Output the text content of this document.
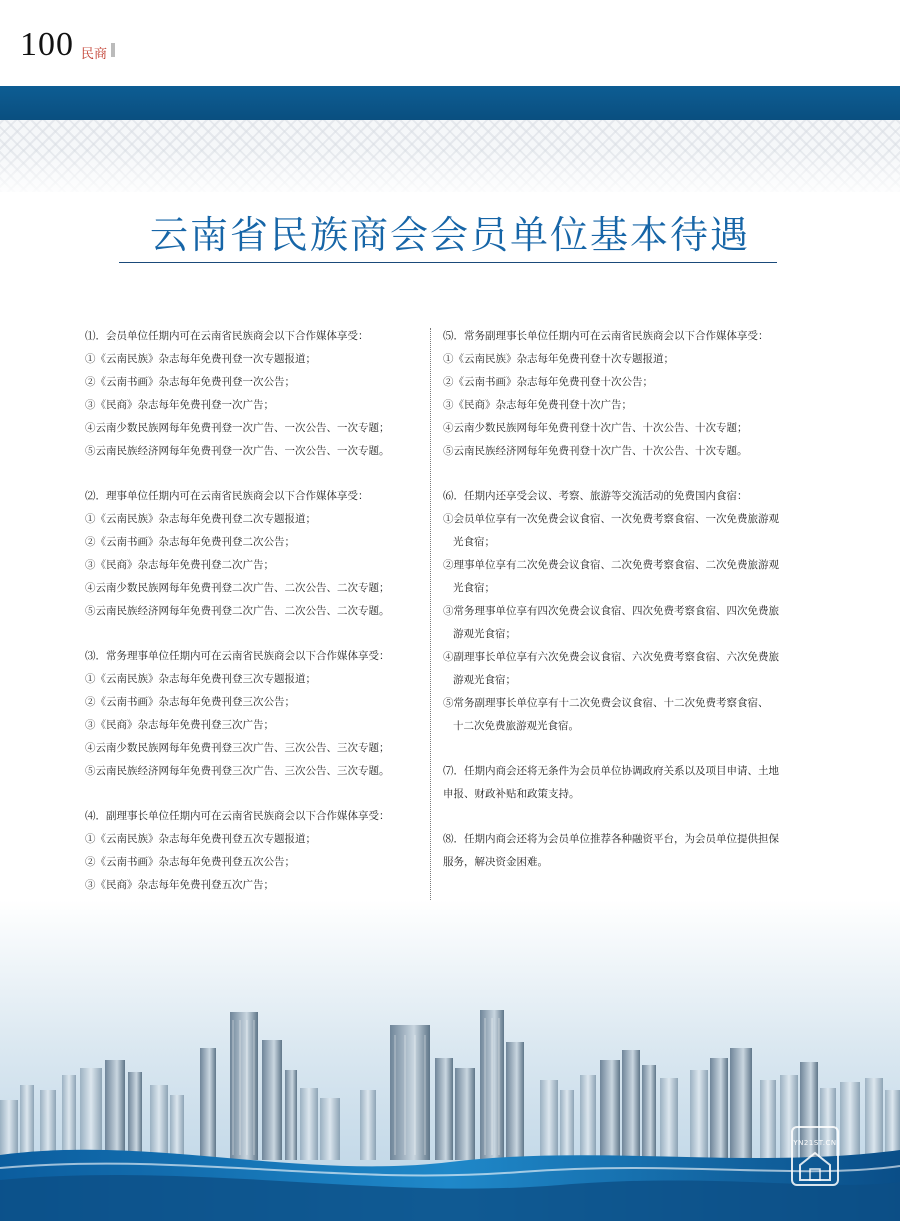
100 民商
云南省民族商会会员单位基本待遇
⑴．会员单位任期内可在云南省民族商会以下合作媒体享受：
①《云南民族》杂志每年免费刊登一次专题报道；
②《云南书画》杂志每年免费刊登一次公告；
③《民商》杂志每年免费刊登一次广告；
④云南少数民族网每年免费刊登一次广告、一次公告、一次专题；
⑤云南民族经济网每年免费刊登一次广告、一次公告、一次专题。
⑵．理事单位任期内可在云南省民族商会以下合作媒体享受：
①《云南民族》杂志每年免费刊登二次专题报道；
②《云南书画》杂志每年免费刊登二次公告；
③《民商》杂志每年免费刊登二次广告；
④云南少数民族网每年免费刊登二次广告、二次公告、二次专题；
⑤云南民族经济网每年免费刊登二次广告、二次公告、二次专题。
⑶．常务理事单位任期内可在云南省民族商会以下合作媒体享受：
①《云南民族》杂志每年免费刊登三次专题报道；
②《云南书画》杂志每年免费刊登三次公告；
③《民商》杂志每年免费刊登三次广告；
④云南少数民族网每年免费刊登三次广告、三次公告、三次专题；
⑤云南民族经济网每年免费刊登三次广告、三次公告、三次专题。
⑷．副理事长单位任期内可在云南省民族商会以下合作媒体享受：
①《云南民族》杂志每年免费刊登五次专题报道；
②《云南书画》杂志每年免费刊登五次公告；
③《民商》杂志每年免费刊登五次广告；
⑸．常务副理事长单位任期内可在云南省民族商会以下合作媒体享受：
①《云南民族》杂志每年免费刊登十次专题报道；
②《云南书画》杂志每年免费刊登十次公告；
③《民商》杂志每年免费刊登十次广告；
④云南少数民族网每年免费刊登十次广告、十次公告、十次专题；
⑤云南民族经济网每年免费刊登十次广告、十次公告、十次专题。
⑹．任期内还享受会议、考察、旅游等交流活动的免费国内食宿：
①会员单位享有一次免费会议食宿、一次免费考察食宿、一次免费旅游观
光食宿；
②理事单位享有二次免费会议食宿、二次免费考察食宿、二次免费旅游观
光食宿；
③常务理事单位享有四次免费会议食宿、四次免费考察食宿、四次免费旅
游观光食宿；
④副理事长单位享有六次免费会议食宿、六次免费考察食宿、六次免费旅
游观光食宿；
⑤常务副理事长单位享有十二次免费会议食宿、十二次免费考察食宿、
十二次免费旅游观光食宿。
⑺．任期内商会还将无条件为会员单位协调政府关系以及项目申请、土地
申报、财政补贴和政策支持。
⑻．任期内商会还将为会员单位推荐各种融资平台，为会员单位提供担保
服务，解决资金困难。
YN21ST.CN
